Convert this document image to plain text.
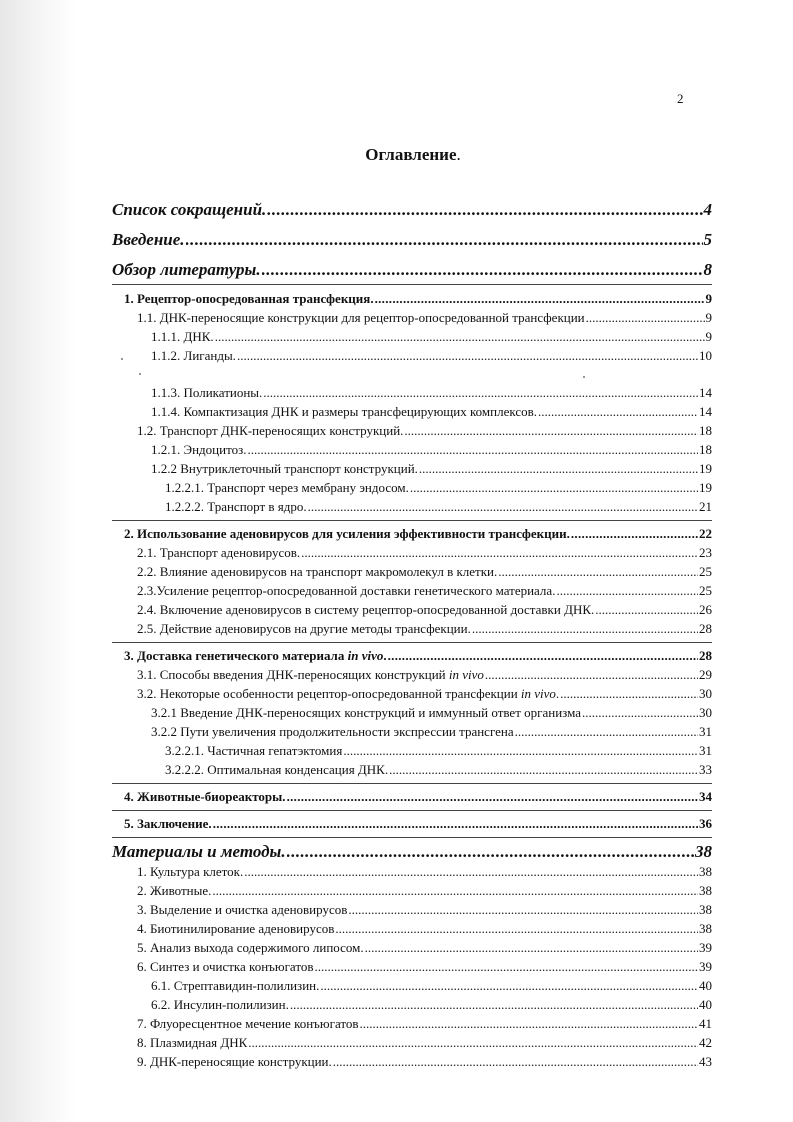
2
Оглавление.
Список сокращений. .....	4
Введение. .....	5
Обзор литературы. .....	8
1. Рецептор-опосредованная трансфекция. .....	9
1.1. ДНК-переносящие конструкции для рецептор-опосредованной трансфекции .....	9
1.1.1. ДНК. .....	9
1.1.2. Лиганды. .....	10
1.1.3. Поликатионы. .....	14
1.1.4. Компактизация ДНК и размеры трансфецирующих комплексов. .....	14
1.2. Транспорт ДНК-переносящих конструкций. .....	18
1.2.1. Эндоцитоз. .....	18
1.2.2 Внутриклеточный транспорт конструкций. .....	19
1.2.2.1. Транспорт через мембрану эндосом. .....	19
1.2.2.2. Транспорт в ядро. .....	21
2. Использование аденовирусов для усиления эффективности трансфекции. .....	22
2.1. Транспорт аденовирусов. .....	23
2.2. Влияние аденовирусов на транспорт макромолекул в клетки. .....	25
2.3.Усиление рецептор-опосредованной доставки генетического материала. .....	25
2.4. Включение аденовирусов в систему рецептор-опосредованной доставки ДНК. .....	26
2.5. Действие аденовирусов на другие методы трансфекции. .....	28
3. Доставка генетического материала in vivo. .....	28
3.1. Способы введения ДНК-переносящих конструкций in vivo .....	29
3.2. Некоторые особенности рецептор-опосредованной трансфекции in vivo. .....	30
3.2.1 Введение ДНК-переносящих конструкций и иммунный ответ организма .....	30
3.2.2 Пути увеличения продолжительности экспрессии трансгена .....	31
3.2.2.1. Частичная гепатэктомия .....	31
3.2.2.2. Оптимальная конденсация ДНК. .....	33
4. Животные-биореакторы. .....	34
5. Заключение. .....	36
Материалы и методы. .....	38
1. Культура клеток. .....	38
2. Животные. .....	38
3. Выделение и очистка аденовирусов .....	38
4. Биотинилирование аденовирусов .....	38
5. Анализ выхода содержимого липосом. .....	39
6. Синтез и очистка конъюгатов .....	39
6.1. Стрептавидин-полилизин. .....	40
6.2. Инсулин-полилизин. .....	40
7. Флуоресцентное мечение конъюгатов .....	41
8. Плазмидная ДНК .....	42
9. ДНК-переносящие конструкции. .....	43
